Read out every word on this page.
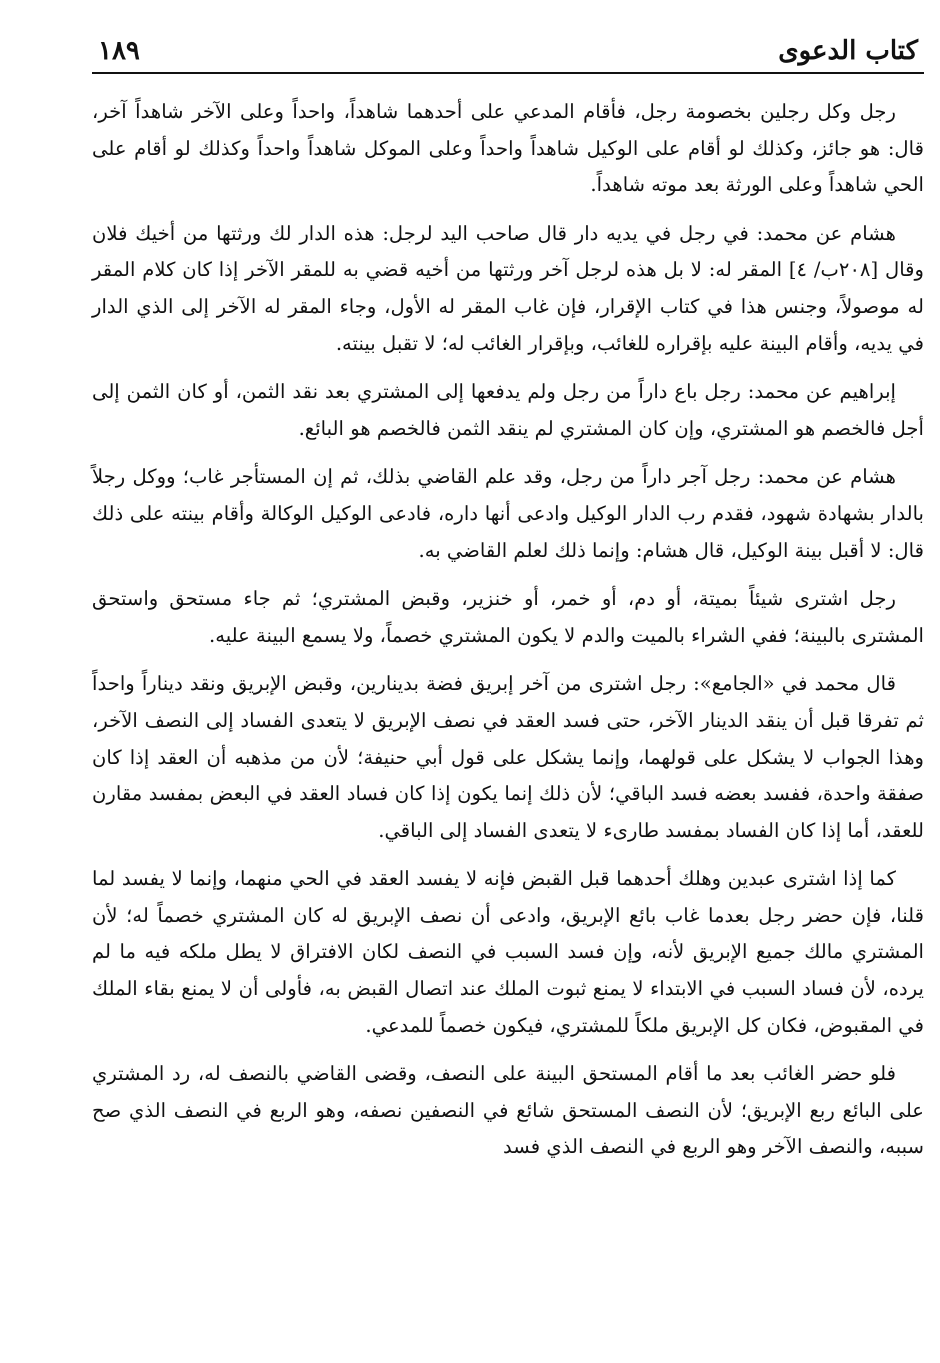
كتاب الدعوى
١٨٩

رجل وكل رجلين بخصومة رجل، فأقام المدعي على أحدهما شاهداً، واحداً وعلى الآخر شاهداً آخر، قال: هو جائز، وكذلك لو أقام على الوكيل شاهداً واحداً وعلى الموكل شاهداً واحداً وكذلك لو أقام على الحي شاهداً وعلى الورثة بعد موته شاهداً.

هشام عن محمد: في رجل في يديه دار قال صاحب اليد لرجل: هذه الدار لك ورثتها من أخيك فلان وقال [٢٠٨ب/ ٤] المقر له: لا بل هذه لرجل آخر ورثتها من أخيه قضي به للمقر الآخر إذا كان كلام المقر له موصولاً، وجنس هذا في كتاب الإقرار، فإن غاب المقر له الأول، وجاء المقر له الآخر إلى الذي الدار في يديه، وأقام البينة عليه بإقراره للغائب، وبإقرار الغائب له؛ لا تقبل بينته.

إبراهيم عن محمد: رجل باع داراً من رجل ولم يدفعها إلى المشتري بعد نقد الثمن، أو كان الثمن إلى أجل فالخصم هو المشتري، وإن كان المشتري لم ينقد الثمن فالخصم هو البائع.

هشام عن محمد: رجل آجر داراً من رجل، وقد علم القاضي بذلك، ثم إن المستأجر غاب؛ ووكل رجلاً بالدار بشهادة شهود، فقدم رب الدار الوكيل وادعى أنها داره، فادعى الوكيل الوكالة وأقام بينته على ذلك قال: لا أقبل بينة الوكيل، قال هشام: وإنما ذلك لعلم القاضي به.

رجل اشترى شيئاً بميتة، أو دم، أو خمر، أو خنزير، وقبض المشتري؛ ثم جاء مستحق واستحق المشترى بالبينة؛ ففي الشراء بالميت والدم لا يكون المشتري خصماً، ولا يسمع البينة عليه.

قال محمد في «الجامع»: رجل اشترى من آخر إبريق فضة بدينارين، وقبض الإبريق ونقد ديناراً واحداً ثم تفرقا قبل أن ينقد الدينار الآخر، حتى فسد العقد في نصف الإبريق لا يتعدى الفساد إلى النصف الآخر، وهذا الجواب لا يشكل على قولهما، وإنما يشكل على قول أبي حنيفة؛ لأن من مذهبه أن العقد إذا كان صفقة واحدة، ففسد بعضه فسد الباقي؛ لأن ذلك إنما يكون إذا كان فساد العقد في البعض بمفسد مقارن للعقد، أما إذا كان الفساد بمفسد طارىء لا يتعدى الفساد إلى الباقي.

كما إذا اشترى عبدين وهلك أحدهما قبل القبض فإنه لا يفسد العقد في الحي منهما، وإنما لا يفسد لما قلنا، فإن حضر رجل بعدما غاب بائع الإبريق، وادعى أن نصف الإبريق له كان المشتري خصماً له؛ لأن المشتري مالك جميع الإبريق لأنه، وإن فسد السبب في النصف لكان الافتراق لا يطل ملكه فيه ما لم يرده، لأن فساد السبب في الابتداء لا يمنع ثبوت الملك عند اتصال القبض به، فأولى أن لا يمنع بقاء الملك في المقبوض، فكان كل الإبريق ملكاً للمشتري، فيكون خصماً للمدعي.

فلو حضر الغائب بعد ما أقام المستحق البينة على النصف، وقضى القاضي بالنصف له، رد المشتري على البائع ربع الإبريق؛ لأن النصف المستحق شائع في النصفين نصفه، وهو الربع في النصف الذي صح سببه، والنصف الآخر وهو الربع في النصف الذي فسد
